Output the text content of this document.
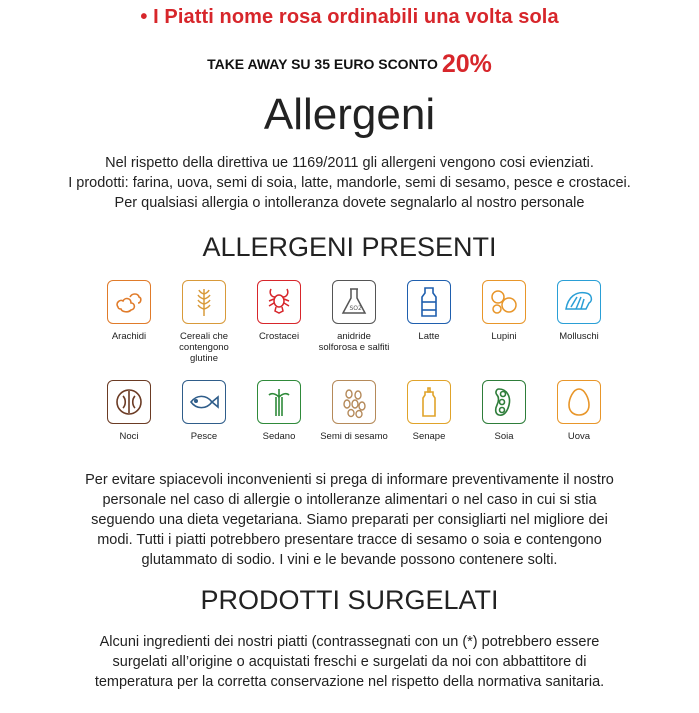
• I Piatti nome rosa ordinabili una volta sola
TAKE AWAY SU 35 EURO SCONTO 20%
Allergeni
Nel rispetto della direttiva ue 1169/2011 gli allergeni vengono cosi evienziati.
I prodotti: farina, uova, semi di soia, latte, mandorle, semi di sesamo, pesce e crostacei.
Per qualsiasi allergia o intolleranza dovete segnalarlo al nostro personale
ALLERGENI PRESENTI
Arachidi	Cereali che contengono glutine
Crostacei
SO2
anidride solforosa e salfiti
Latte	Lupini	Molluschi
Noci	Pesce	Sedano	Semi di sesamo	Senape	Soia	Uova
Per evitare spiacevoli inconvenienti si prega di informare preventivamente il nostro
personale nel caso di allergie o intolleranze alimentari o nel caso in cui si stia
seguendo una dieta vegetariana. Siamo preparati per consigliarti nel migliore dei
modi. Tutti i piatti potrebbero presentare tracce di sesamo o soia e contengono
glutammato di sodio. I vini e le bevande possono contenere solti.
PRODOTTI SURGELATI
Alcuni ingredienti dei nostri piatti (contrassegnati con un (*) potrebbero essere
surgelati all’origine o acquistati freschi e surgelati da noi con abbattitore di
temperatura per la corretta conservazione nel rispetto della normativa sanitaria.
